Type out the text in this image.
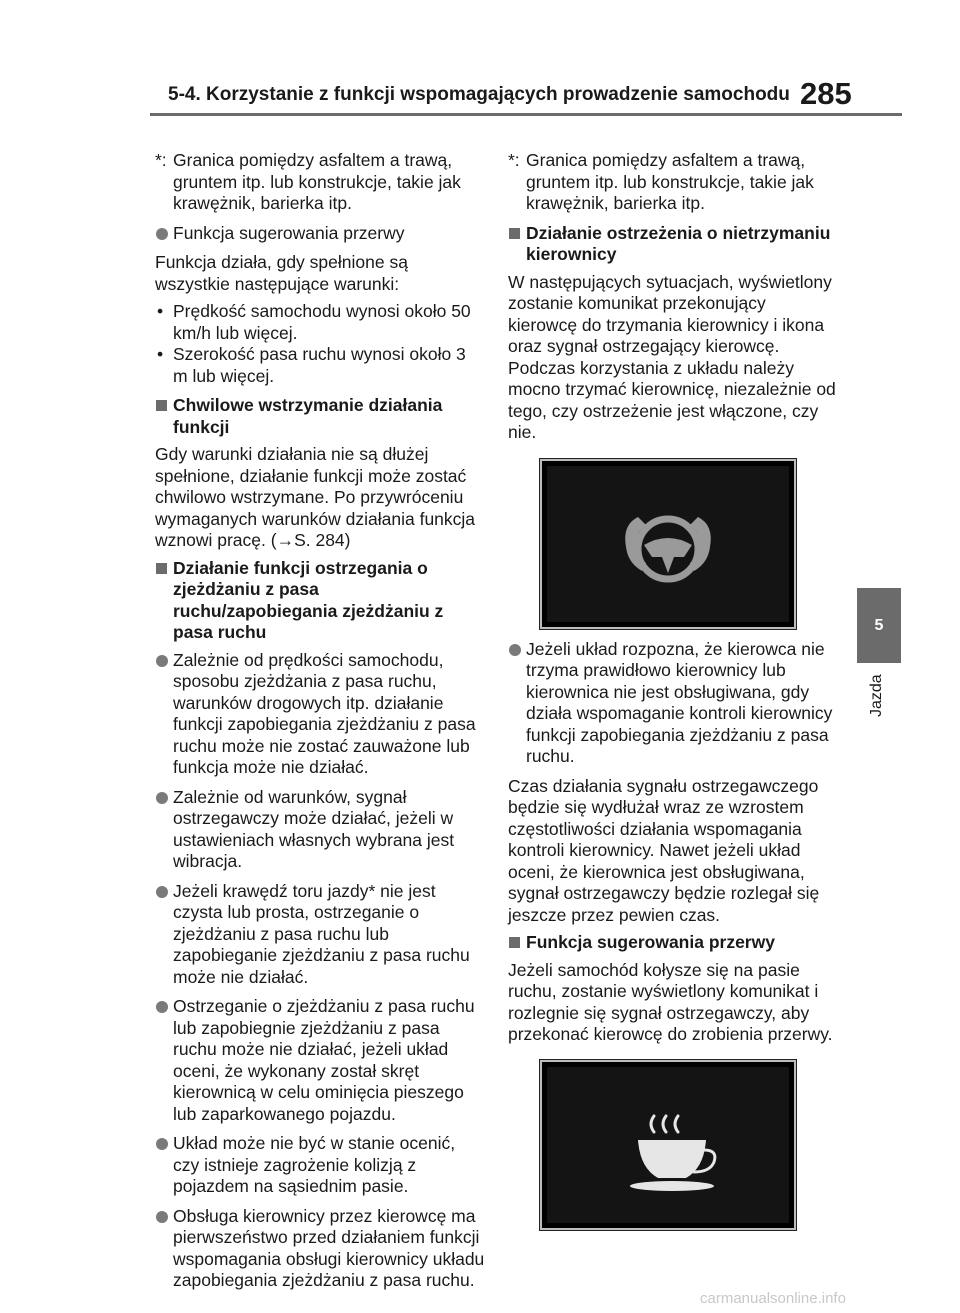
5-4. Korzystanie z funkcji wspomagających prowadzenie samochodu 285
5
Jazda
*: Granica pomiędzy asfaltem a trawą, gruntem itp. lub konstrukcje, takie jak krawężnik, barierka itp.
Funkcja sugerowania przerwy

Funkcja działa, gdy spełnione są wszystkie następujące warunki:

• Prędkość samochodu wynosi około 50 km/h lub więcej.
• Szerokość pasa ruchu wynosi około 3 m lub więcej.
Chwilowe wstrzymanie działania funkcji

Gdy warunki działania nie są dłużej spełnione, działanie funkcji może zostać chwilowo wstrzymane. Po przywróceniu wymaganych warunków działania funkcja wznowi pracę. (→S. 284)

Działanie funkcji ostrzegania o zjeżdżaniu z pasa ruchu/zapobiegania zjeżdżaniu z pasa ruchu
Zależnie od prędkości samochodu, sposobu zjeżdżania z pasa ruchu, warunków drogowych itp. działanie funkcji zapobiegania zjeżdżaniu z pasa ruchu może nie zostać zauważone lub funkcja może nie działać.
Zależnie od warunków, sygnał ostrzegawczy może działać, jeżeli w ustawieniach własnych wybrana jest wibracja.
Jeżeli krawędź toru jazdy* nie jest czysta lub prosta, ostrzeganie o zjeżdżaniu z pasa ruchu lub zapobieganie zjeżdżaniu z pasa ruchu może nie działać.
Ostrzeganie o zjeżdżaniu z pasa ruchu lub zapobiegnie zjeżdżaniu z pasa ruchu może nie działać, jeżeli układ oceni, że wykonany został skręt kierownicą w celu ominięcia pieszego lub zaparkowanego pojazdu.
Układ może nie być w stanie ocenić, czy istnieje zagrożenie kolizją z pojazdem na sąsiednim pasie.
Obsługa kierownicy przez kierowcę ma pierwszeństwo przed działaniem funkcji wspomagania obsługi kierownicy układu zapobiegania zjeżdżaniu z pasa ruchu.
*: Granica pomiędzy asfaltem a trawą, gruntem itp. lub konstrukcje, takie jak krawężnik, barierka itp.
Działanie ostrzeżenia o nietrzymaniu kierownicy

W następujących sytuacjach, wyświetlony zostanie komunikat przekonujący kierowcę do trzymania kierownicy i ikona oraz sygnał ostrzegający kierowcę. Podczas korzystania z układu należy mocno trzymać kierownicę, niezależnie od tego, czy ostrzeżenie jest włączone, czy nie.

Jeżeli układ rozpozna, że kierowca nie trzyma prawidłowo kierownicy lub kierownica nie jest obsługiwana, gdy działa wspomaganie kontroli kierownicy funkcji zapobiegania zjeżdżaniu z pasa ruchu.

Czas działania sygnału ostrzegawczego będzie się wydłużał wraz ze wzrostem częstotliwości działania wspomagania kontroli kierownicy. Nawet jeżeli układ oceni, że kierownica jest obsługiwana, sygnał ostrzegawczy będzie rozlegał się jeszcze przez pewien czas.

Funkcja sugerowania przerwy

Jeżeli samochód kołysze się na pasie ruchu, zostanie wyświetlony komunikat i rozlegnie się sygnał ostrzegawczy, aby przekonać kierowcę do zrobienia przerwy.

carmanualsonline.info
